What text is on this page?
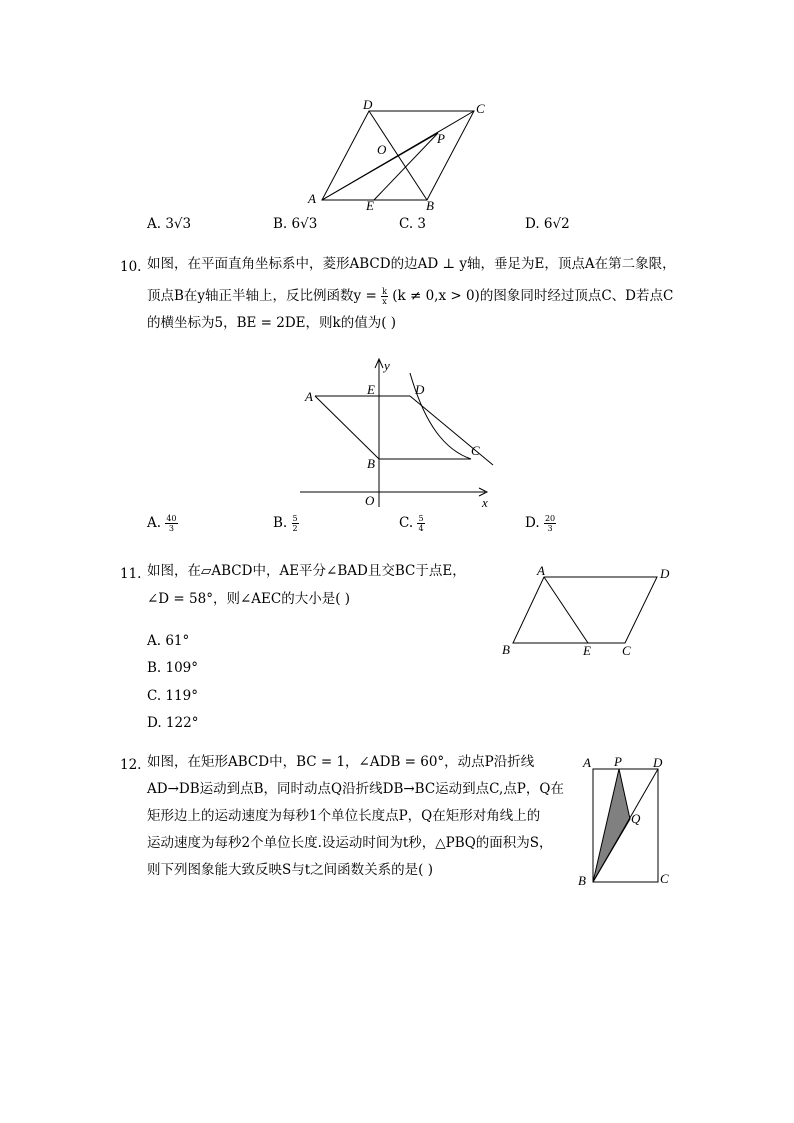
D	C
O
P
A	E	B
A. 3√3	B. 6√3	C. 3	D. 6√2
10. 如图，在平面直角坐标系中，菱形ABCD的边AD ⊥ y轴，垂足为E，顶点A在第二象限，
顶点B在y轴正半轴上，反比例函数$y = \frac{k}{x} (k \ne 0,x > 0)$的图象同时经过顶点C、D若点C
的横坐标为5，BE = 2DE，则k的值为( )
y
E	D
A
B
C
O	x
A. $\frac{40}{3}$	B. $\frac{5}{2}$	C. $\frac{5}{4}$	D. $\frac{20}{3}$
11. 如图，在▱ABCD中，AE平分∠BAD且交BC于点E，
∠D = 58°，则∠AEC的大小是( )
A. 61°
B. 109°
C. 119°
D. 122°
A	D
B	E C
12. 如图，在矩形ABCD中，BC = 1，∠ADB = 60°，动点P沿折线
AD→DB运动到点B，同时动点Q沿折线DB→BC运动到点C,点P，Q在
矩形边上的运动速度为每秒1个单位长度点P，Q在矩形对角线上的
运动速度为每秒2个单位长度.设运动时间为t秒，△PBQ的面积为S，
则下列图象能大致反映S与t之间函数关系的是( )
A P D
Q
B	C
